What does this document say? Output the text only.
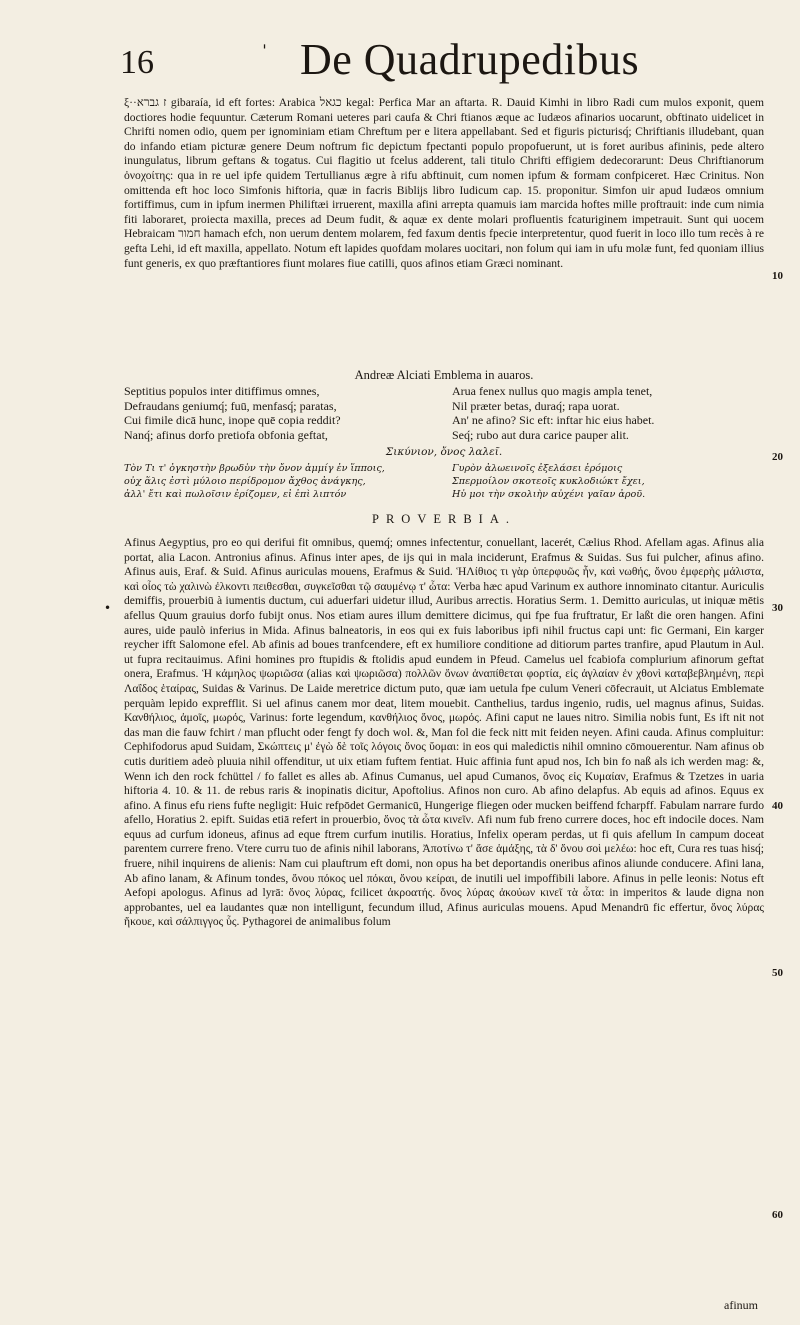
16	ˈ De Quadrupedibus

ξ··ז גברא gibaraía, id eft fortes: Arabica כגאל kegal: Perfica Mar an aftarta. R. Dauid Kimhi in libro Radi cum mulos exponit, quem doctiores hodie fequuntur. Cæterum Romani ueteres pari caufa & Chri ftianos æque ac Iudæos afinarios uocarunt, obftinato uidelicet in Chrifti nomen odio, quem per ignominiam etiam Chreftum per e litera appellabant. Sed et figuris picturisq́; Chriftianis illudebant, quan do infando etiam picturæ genere Deum noftrum fic depictum fpectanti populo propofuerunt, ut is foret auribus afininis, pede altero inungulatus, librum geftans & togatus. Cui flagitio ut fcelus adderent, tali titulo Chrifti effigiem dedecorarunt: Deus Chriftianorum ὀνοχοίτης: qua in re uel ipfe quidem Tertullianus ægre à rifu abftinuit, cum nomen ipfum & formam confpiceret. Hæc Crinitus. Non omittenda eft hoc loco Simfonis hiftoria, quæ in facris Biblijs libro Iudicum cap. 15. proponitur. Simfon uir apud Iudæos omnium fortiffimus, cum in ipfum inermen Philiftæi irruerent, maxilla afini arrepta quamuis iam marcida hoftes mille proftrauit: inde cum nimia fiti laboraret, proiecta maxilla, preces ad Deum fudit, & aquæ ex dente molari profluentis fcaturiginem impetrauit. Sunt qui uocem Hebraicam חמור hamach efch, non uerum dentem molarem, fed faxum dentis fpecie interpretentur, quod fuerit in loco illo tum recès à re gefta Lehi, id eft maxilla, appellato. Notum eft lapides quofdam molares uocitari, non folum qui iam in ufu molæ funt, fed quoniam illius funt generis, ex quo præftantiores fiunt molares fiue catilli, quos afinos etiam Græci nominant.

Andreæ Alciati Emblema in auaros.
Septitius populos inter ditiffimus omnes,	Arua fenex nullus quo magis ampla tenet,
Defraudans geniumq́; fuū, menfasq́; paratas,	Nil præter betas, duraq́; rapa uorat.
Cui fimile dicā hunc, inope quē copia reddit?	An' ne afino? Sic eft: inftar hic eius habet.
Nanq́; afinus dorfo pretiofa obfonia geftat,	Seq́; rubo aut dura carice pauper alit.
Σικύνιον, ὄνος λαλεῖ.
Τὸν Τι τ' ὀγκηστὴν βρωδὑν τὴν ὄνον ἀμμίγ ἐν ἵπποις,	Γυρὸν ἀλωεινοῖς ἐξελάσει ἐρόμοις
οὐχ ἅλις ἐστὶ μύλοιο περίδρομον ἄχθος ἀνάγκης,	Σπερμοίλον σκοτεοῖς κυκλοδιώκτ ἔχει,
ἀλλ' ἔτι καὶ πωλοῖσιν ἐρίζομεν, εἰ ἐπὶ λιπτόν	Ηὐ μοι τὴν σκολιὴν αὐχένι γαῖαν ἀροῦ.
PROVERBIA.

Afinus Aegyptius, pro eo qui derifui fit omnibus, quemq́; omnes infectentur, conuellant, lacerét, Cælius Rhod. Afellam agas. Afinus alia portat, alia Lacon. Antronius afinus. Afinus inter apes, de ijs qui in mala inciderunt, Erafmus & Suidas. Sus fui pulcher, afinus afino. Afinus auis, Eraf. & Suid. Afinus auriculas mouens, Erafmus & Suid. ἩΛίθιος τι γὰρ ὑπερφυῶς ἦν, καὶ νωθής, ὄνου ἐμφερὴς μάλιστα, καὶ οἷος τὼ χαλινὼ ἐλκοντι πειθεσθαι, συγκεῖσθαι τῷ σαυμένῳ τ' ὦτα: Verba hæc apud Varinum ex authore innominato citantur. Auriculis demiffis, prouerbiū à iumentis ductum, cui aduerfari uidetur illud, Auribus arrectis. Horatius Serm. 1. Demitto auriculas, ut iniquæ mētis afellus Quum grauius dorfo fubijt onus. Nos etiam aures illum demittere dicimus, qui fpe fua fruftratur, Er laßt die oren hangen. Afini aures, uide paulò inferius in Mida. Afinus balneatoris, in eos qui ex fuis laboribus ipfi nihil fructus capi unt: fic Germani, Ein karger reycher ifft Salomone efel. Ab afinis ad boues tranfcendere, eft ex humiliore conditione ad ditiorum partes tranfire, apud Plautum in Aul. ut fupra recitauimus. Afini homines pro ftupidis & ftolidis apud eundem in Pfeud. Camelus uel fcabiofa complurium afinorum geftat onera, Erafmus. Ἡ κάμηλος ψωριῶσα (alias καὶ ψωριῶσα) πολλῶν ὄνων ἀναπίθεται φορτία, εἰς ἀγλαίαν ἐν χθονὶ καταβεβλημένη, περὶ Λαΐδος ἑταίρας, Suidas & Varinus. De Laide meretrice dictum puto, quæ iam uetula fpe culum Veneri cōfecrauit, ut Alciatus Emblemate perquàm lepido exprefflit. Si uel afinus canem mor deat, litem mouebit. Canthelius, tardus ingenio, rudis, uel magnus afinus, Suidas. Κανθήλιος, ἀμοῖς, μωρός, Varinus: forte legendum, κανθήλιος ὄνος, μωρός. Afini caput ne laues nitro. Similia nobis funt, Es ift nit not das man die fauw fchirt / man pflucht oder fengt fy doch wol. &, Man fol die feck nitt mit feiden neyen. Afini cauda. Afinus compluitur: Cephifodorus apud Suidam, Σκώπτεις μ' ἐγὼ δὲ τοῖς λόγοις ὄνος ὕομαι: in eos qui maledictis nihil omnino cōmouerentur. Nam afinus ob cutis duritiem adeò pluuia nihil offenditur, ut uix etiam fuftem fentiat. Huic affinia funt apud nos, Ich bin fo naß als ich werden mag: &, Wenn ich den rock fchüttel / fo fallet es alles ab. Afinus Cumanus, uel apud Cumanos, ὄνος εἰς Κυμαίαν, Erafmus & Tzetzes in uaria hiftoria 4. 10. & 11. de rebus raris & inopinatis dicitur, Apoftolius. Afinos non curo. Ab afino delapfus. Ab equis ad afinos. Equus ex afino. A finus efu riens fufte negligit: Huic refpōdet Germanicū, Hungerige fliegen oder mucken beiffend fcharpff. Fabulam narrare furdo afello, Horatius 2. epift. Suidas etiā refert in prouerbio, ὄνος τὰ ὦτα κινεῖν. Afi num fub freno currere doces, hoc eft indocile doces. Nam equus ad curfum idoneus, afinus ad eque ftrem curfum inutilis. Horatius, Infelix operam perdas, ut fi quis afellum In campum doceat parentem currere freno. Vtere curru tuo de afinis nihil laborans, Ἀποτίνω τ' ἅσε ἀμάξης, τὰ δ' ὄνου σοὶ μελέω: hoc eft, Cura res tuas hisq́; fruere, nihil inquirens de alienis: Nam cui plauftrum eft domi, non opus ha bet deportandis oneribus afinos aliunde conducere. Afini lana, Ab afino lanam, & Afinum tondes, ὄνου πόκος uel πόκαι, ὄνου κείραι, de inutili uel impoffibili labore. Afinus in pelle leonis: Notus eft Aefopi apologus. Afinus ad lyrā: ὄνος λύρας, fcilicet ἀκροατής. ὄνος λύρας ἀκούων κινεῖ τὰ ὦτα: in imperitos & laude digna non approbantes, uel ea laudantes quæ non intelligunt, fecundum illud, Afinus auriculas mouens. Apud Menandrū fic effertur, ὄνος λύρας ἤκουε, καὶ σάλπιγγος ὗς. Pythagorei de animalibus folum

•
10
20
30
40
50
60
afinum
